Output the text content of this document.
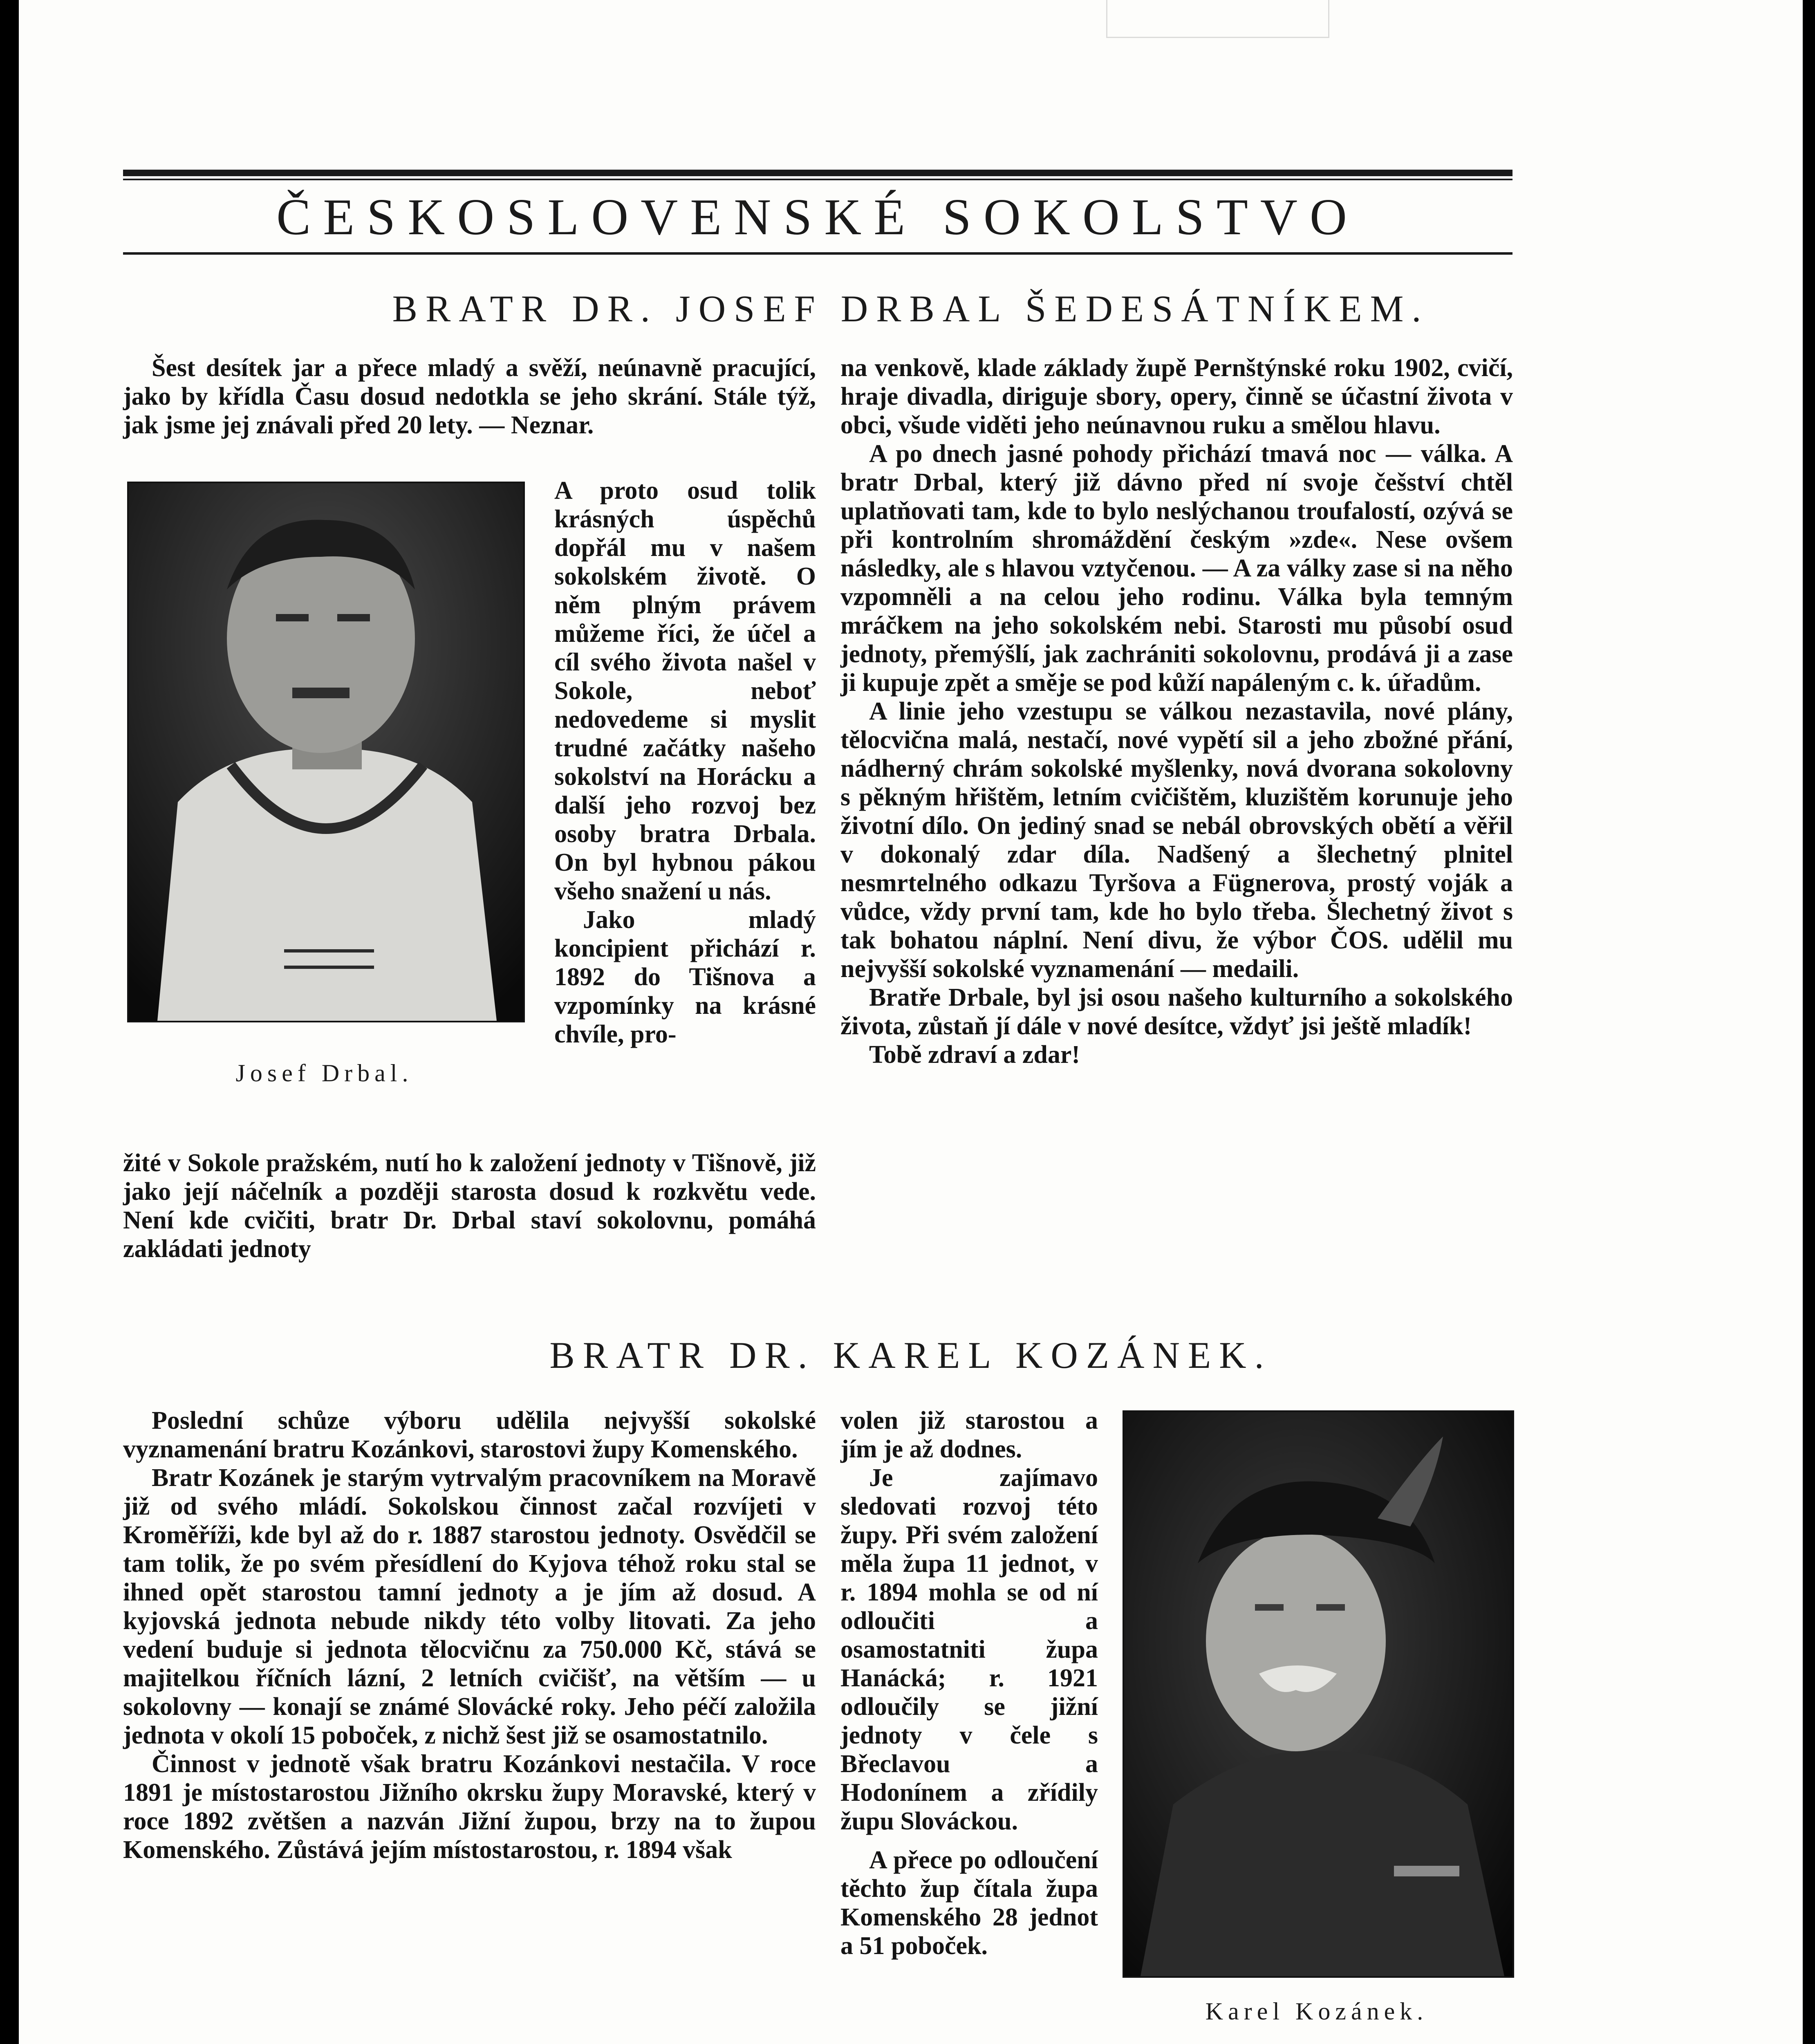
ČESKOSLOVENSKÉ SOKOLSTVO
BRATR DR. JOSEF DRBAL ŠEDESÁTNÍKEM.

Šest desítek jar a přece mladý a svěží, neúnavně pracující, jako by křídla Času dosud nedotkla se jeho skrání. Stále týž, jak jsme jej znávali před 20 lety. — Neznar.

Josef Drbal.

A proto osud tolik krásných úspěchů dopřál mu v našem sokolském životě. O něm plným právem můžeme říci, že účel a cíl svého života našel v Sokole, neboť nedovedeme si myslit trudné začátky našeho sokolství na Horácku a další jeho rozvoj bez osoby bratra Drbala. On byl hybnou pákou všeho snažení u nás.

Jako mladý koncipient přichází r. 1892 do Tišnova a vzpomínky na krásné chvíle, pro-

žité v Sokole pražském, nutí ho k založení jednoty v Tišnově, již jako její náčelník a později starosta dosud k rozkvětu vede. Není kde cvičiti, bratr Dr. Drbal staví sokolovnu, pomáhá zakládati jednoty

na venkově, klade základy župě Pernštýnské roku 1902, cvičí, hraje divadla, diriguje sbory, opery, činně se účastní života v obci, všude viděti jeho neúnavnou ruku a smělou hlavu.

A po dnech jasné pohody přichází tmavá noc — válka. A bratr Drbal, který již dávno před ní svoje češství chtěl uplatňovati tam, kde to bylo neslýchanou troufalostí, ozývá se při kontrolním shromáždění českým »zde«. Nese ovšem následky, ale s hlavou vztyčenou. — A za války zase si na něho vzpomněli a na celou jeho rodinu. Válka byla temným mráčkem na jeho sokolském nebi. Starosti mu působí osud jednoty, přemýšlí, jak zachrániti sokolovnu, prodává ji a zase ji kupuje zpět a směje se pod kůží napáleným c. k. úřadům.

A linie jeho vzestupu se válkou nezastavila, nové plány, tělocvična malá, nestačí, nové vypětí sil a jeho zbožné přání, nádherný chrám sokolské myšlenky, nová dvorana sokolovny s pěkným hřištěm, letním cvičištěm, kluzištěm korunuje jeho životní dílo. On jediný snad se nebál obrovských obětí a věřil v dokonalý zdar díla. Nadšený a šlechetný plnitel nesmrtelného odkazu Tyršova a Fügnerova, prostý voják a vůdce, vždy první tam, kde ho bylo třeba. Šlechetný život s tak bohatou náplní. Není divu, že výbor ČOS. udělil mu nejvyšší sokolské vyznamenání — medaili.

Bratře Drbale, byl jsi osou našeho kulturního a sokolského života, zůstaň jí dále v nové desítce, vždyť jsi ještě mladík!

Tobě zdraví a zdar!

BRATR DR. KAREL KOZÁNEK.

Poslední schůze výboru udělila nejvyšší sokolské vyznamenání bratru Kozánkovi, starostovi župy Komenského.

Bratr Kozánek je starým vytrvalým pracovníkem na Moravě již od svého mládí. Sokolskou činnost začal rozvíjeti v Kroměříži, kde byl až do r. 1887 starostou jednoty. Osvědčil se tam tolik, že po svém přesídlení do Kyjova téhož roku stal se ihned opět starostou tamní jednoty a je jím až dosud. A kyjovská jednota nebude nikdy této volby litovati. Za jeho vedení buduje si jednota tělocvičnu za 750.000 Kč, stává se majitelkou říčních lázní, 2 letních cvičišť, na větším — u sokolovny — konají se známé Slovácké roky. Jeho péčí založila jednota v okolí 15 poboček, z nichž šest již se osamostatnilo.

Činnost v jednotě však bratru Kozánkovi nestačila. V roce 1891 je místostarostou Jižního okrsku župy Moravské, který v roce 1892 zvětšen a nazván Jižní župou, brzy na to župou Komenského. Zůstává jejím místostarostou, r. 1894 však

volen již starostou a jím je až dodnes.

Je zajímavo sledovati rozvoj této župy. Při svém založení měla župa 11 jednot, v r. 1894 mohla se od ní odloučiti a osamostatniti župa Hanácká; r. 1921 odloučily se jižní jednoty v čele s Břeclavou a Hodonínem a zřídily župu Slováckou.

A přece po odloučení těchto žup čítala župa Komenského 28 jednot a 51 poboček.

Karel Kozánek.
